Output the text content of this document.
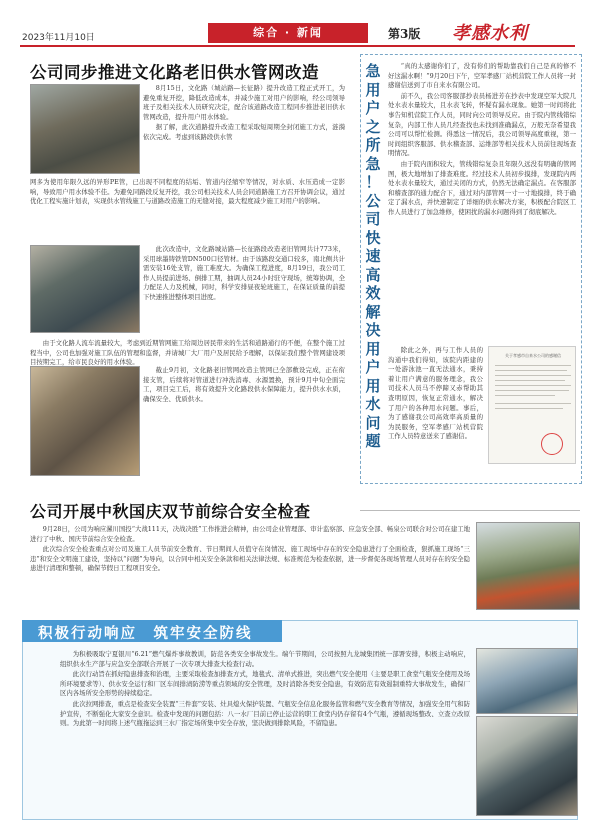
2023年11月10日	综合 · 新闻	第3版 孝感水利
公司同步推进文化路老旧供水管网改造

8月15日，文化路（城站路—长征路）提升改造工程正式开工，为避免重复开挖，降低改造成本，并减少施工对用户的影响，经公司领导班子及相关技术人员研究决定，配合该道路改造工程同步推进老旧供水管网改造，提升用户用水体验。

据了解，此次道路提升改造工程采取短周期全封闭施工方式，涟漪依次完成。考虑到该路段供水管

网多为使用年限久远的异形PE管，已出现不同程度的结垢、管道内径缩窄等情况，对水质、水压造成一定影响，导致用户用水体验不佳。为避免同路段反复开挖，我公司相关技术人员会同道路施工方召开协调会议，通过优化工程实施计划表，实现供水管线施工与道路改造施工的无缝对接，最大程度减少施工对用户的影响。

此次改造中，文化路城站路—长征路段改造老旧管网共计773米，采用球墨铸铁管DN500口径管材。由于该路段交通口较多，南北侧共计需安装16处支管，施工难度大。为确保工程进度，8月19日，我公司工作人员提前进场、倒排工期，抽调人员24小时驻守现场，统筹协调，全力配足人力及机械，同时，科学安排昼夜轮班施工，在保证质量的前提下快速推进整体项目进度。

由于文化路人流车流量较大，考虑到近期管网施工给周边居民带来的生活和道路通行的不便，在整个施工过程当中，公司也加强对施工队伍的管理和监督，并请城厂大厂用户及居民给予理解，以保证我们整个管网建设项目按期完工，给市民良好的用水体验。

截止9月初，文化路老旧管网改造主管网已全部敷设完成，正在衔接支管，后续将对管道进行冲洗消毒、水源置换，预计9月中旬全面完工，项目完工后，将有效提升文化路段供水保障能力，提升供水水质，确保安全、优质供水。

急
用
户
之
所
急
！
公
司
快
速
高
效
解
决
用
户
用
水
问
题

“真的太感谢你们了，没有你们的帮助靠我们自己是真的修不好这漏水啊！”9月20日下午，空军孝感厂站机营院工作人员将一封感谢信送到了市自来水有限公司。

前不久，我公司客服部抄表员杨进芳在抄表中发现空军大院几处水表水量较大，且水表飞转，怀疑有漏水现象。她第一时间将此事告知机营院工作人员，同时向公司领导反应。由于院内管线错综复杂，内部工作人员几经查找也未找到准确漏点，万般无奈希望我公司可以帮忙检测。得悉这一情况后，我公司领导高度重视，第一时间组织客服部、供水稽查部、运维部等相关技术人员前往现场查明情况。

由于院内面积较大，管线错综复杂且年限久远没有明确的管网图，极大地增加了排查难度。经过技术人员初步摸排，发现院内两处水表水量较大，通过关闭的方式，仍然无法确定漏点。在客服部和稽查部的通力配合下，通过对内部管网一寸一寸地摸排，终于确定了漏水点，并快速制定了详细的供水解决方案，积极配合院区工作人员进行了加急维修，使困扰的漏水问题得到了彻底解决。

除此之外，再与工作人员的沟通中我们得知，该院内距建的一处游泳池一直无法通水，秉持着让用户满意的服务理念，我公司技术人员马不停蹄又赤帮助其查明原因，恢复正常通水，解决了用户的各种用水问题。事后，为了感谢我公司高效率高质量的为民服务，空军孝感厂站机营院工作人员特意送来了感谢信。

关于孝感市自来水公司的感谢信
公司开展中秋国庆双节前综合安全检查

9月28日，公司为响应漯川国投“大战111天，决战决胜”工作推进会精神，由公司企业管理部、审计监察部、应急安全部、畅泉公司联合对公司在建工地进行了中秋、国庆节前综合安全检查。

此次综合安全检查重点对公司及施工人员节前安全教育、节日期间人员值守在岗情况、施工现场中存在的安全隐患进行了全面检查，狠抓施工现场“三违”和安全文明施工建设，坚持以“问题”为导向，以合同中相关安全条款和相关法律法规、标准规范为检查依据，进一步督促各现场管理人员对存在的安全隐患进行清理和整顿，确保节假日工程项目安全。

积极行动响应　筑牢安全防线

为积极吸取宁夏银川“6.21”燃气爆炸事故教训，防范各类安全事故发生。端午节期间，公司按照九龙城集团统一部署安排，积极主动响应，组织供水生产部与应急安全部联合开展了一次专项大排查大检查行动。

此次行动旨在抓好隐患排查和治理，主要采取检查加排查方式，地毯式、清单式推进，突出燃气安全使用（主要是职工食堂气瓶安全使用及场所环境要求等）、供水安全运行和厂区车间排渍防涝等重点领域的安全管理，及时消除各类安全隐患，有效防范有效遏制重特大事故发生，确保厂区内各场所安全形势的持续稳定。

此次拉网排查，重点是检查安全装置“三件套”安装、灶具熄火保护装置、气瓶安全信息化服务监管和燃气安全教育等情况，加强安全用气和防护宣传，不断强化大家安全意识。检查中发现的问题包括：八一水厂目前已停止运营的职工食堂内仍存留有4个气瓶，遵循现场整改、立查立改原则。为此第一时间将上述气瓶拖运到三水厂指定场所集中安全存放，坚决做到排除风险，不留隐患。
